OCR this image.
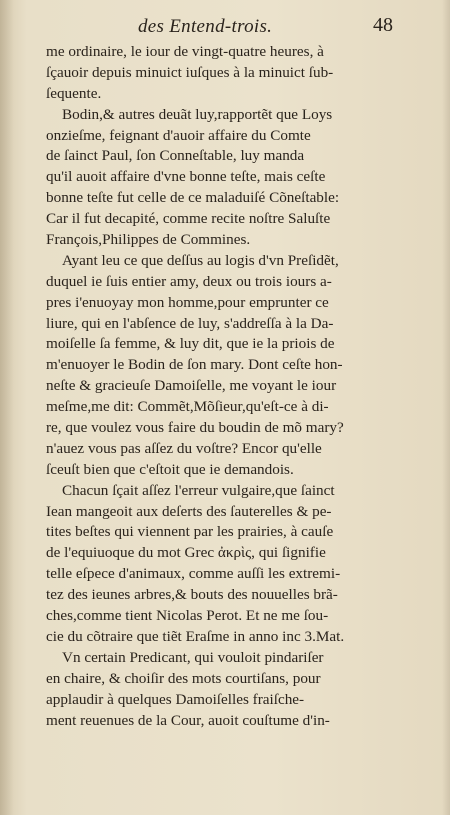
des Entend-trois.	48
me ordinaire, le iour de vingt-quatre heures, à
ſçauoir depuis minuict iuſques à la minuict ſub-
ſequente.
Bodin,& autres deuãt luy,rapportẽt que Loys
onzieſme, feignant d'auoir affaire du Comte
de ſainct Paul, ſon Conneſtable, luy manda
qu'il auoit affaire d'vne bonne teſte, mais ceſte
bonne teſte fut celle de ce maladuiſé Cõneſtable:
Car il fut decapité, comme recite noſtre Saluſte
François,Philippes de Commines.
Ayant leu ce que deſſus au logis d'vn Preſidẽt,
duquel ie ſuis entier amy, deux ou trois iours a-
pres i'enuoyay mon homme,pour emprunter ce
liure, qui en l'abſence de luy, s'addreſſa à la Da-
moiſelle ſa femme, & luy dit, que ie la priois de
m'enuoyer le Bodin de ſon mary. Dont ceſte hon-
neſte & gracieuſe Damoiſelle, me voyant le iour
meſme,me dit: Commẽt,Mõſieur,qu'eſt-ce à di-
re, que voulez vous faire du boudin de mõ mary?
n'auez vous pas aſſez du voſtre? Encor qu'elle
ſceuſt bien que c'eſtoit que ie demandois.
Chacun ſçait aſſez l'erreur vulgaire,que ſainct
Iean mangeoit aux deſerts des ſauterelles & pe-
tites beſtes qui viennent par les prairies, à cauſe
de l'equiuoque du mot Grec ἀκρὶς, qui ſignifie
telle eſpece d'animaux, comme auſſi les extremi-
tez des ieunes arbres,& bouts des nouuelles brã-
ches,comme tient Nicolas Perot. Et ne me ſou-
cie du cõtraire que tiẽt Eraſme in anno inc 3.Mat.
Vn certain Predicant, qui vouloit pindariſer
en chaire, & choiſir des mots courtiſans, pour
applaudir à quelques Damoiſelles fraiſche-
ment reuenues de la Cour, auoit couſtume d'in-
